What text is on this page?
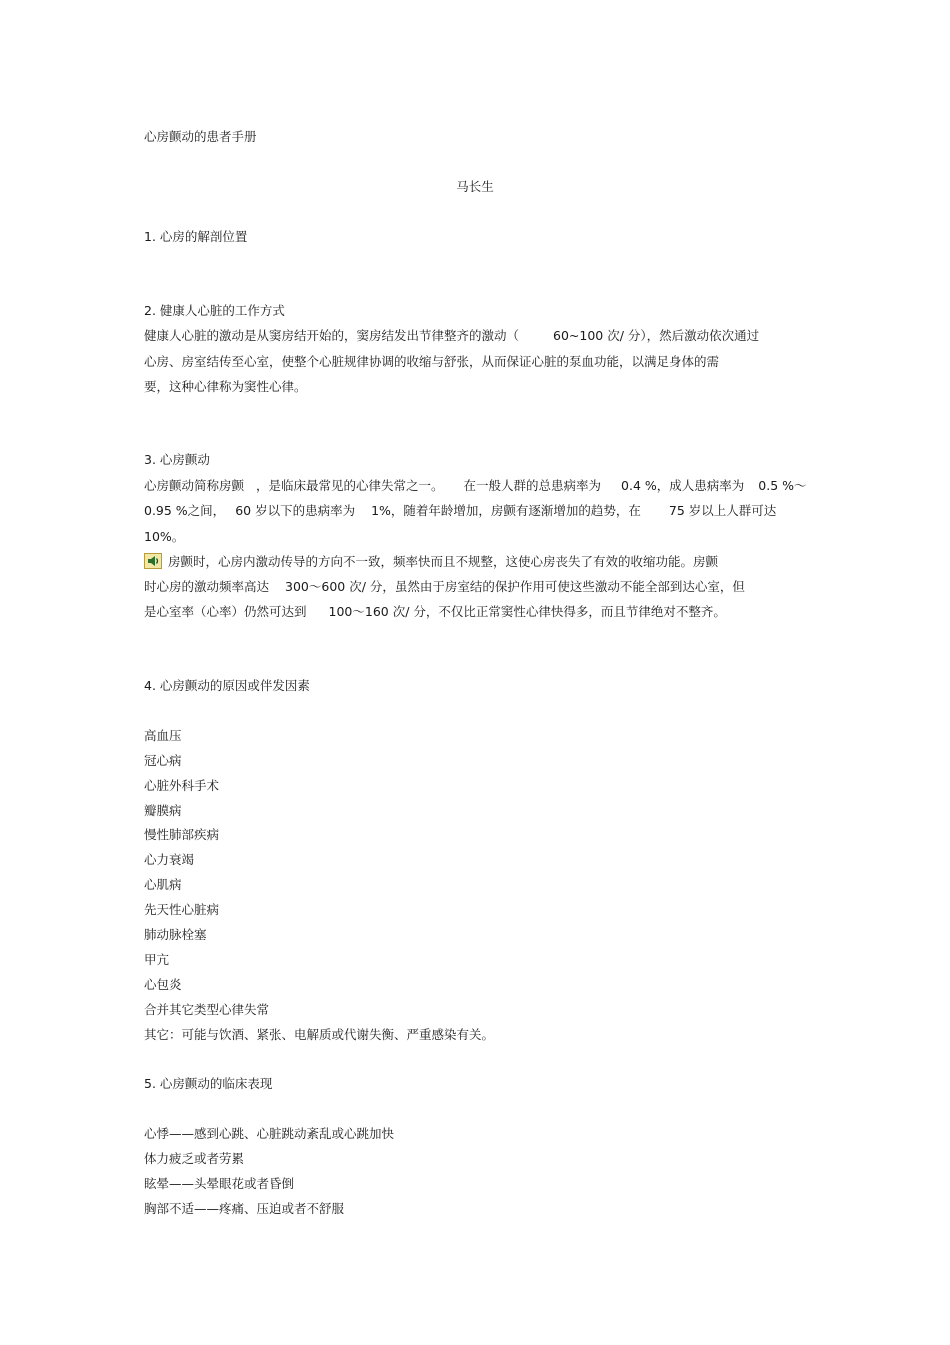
心房颤动的患者手册
马长生
1. 心房的解剖位置
2. 健康人心脏的工作方式
健康人心脏的激动是从窦房结开始的，窦房结发出节律整齐的激动（	60~100 次/ 分），然后激动依次通过
心房、房室结传至心室，使整个心脏规律协调的收缩与舒张，从而保证心脏的泵血功能，以满足身体的需
要，这种心律称为窦性心律。
3. 心房颤动
心房颤动简称房颤 ，是临床最常见的心律失常之一。 在一般人群的总患病率为 0.4 %，成人患病率为 0.5 %～
0.95 %之间， 60 岁以下的患病率为 1%，随着年龄增加，房颤有逐渐增加的趋势，在 75 岁以上人群可达
10%。
房颤时，心房内激动传导的方向不一致，频率快而且不规整，这使心房丧失了有效的收缩功能。房颤
时心房的激动频率高达 300～600 次/ 分，虽然由于房室结的保护作用可使这些激动不能全部到达心室，但
是心室率（心率）仍然可达到 100～160 次/ 分，不仅比正常窦性心律快得多，而且节律绝对不整齐。
4. 心房颤动的原因或伴发因素
高血压
冠心病
心脏外科手术
瓣膜病
慢性肺部疾病
心力衰竭
心肌病
先天性心脏病
肺动脉栓塞
甲亢
心包炎
合并其它类型心律失常
其它：可能与饮酒、紧张、电解质或代谢失衡、严重感染有关。
5. 心房颤动的临床表现
心悸——感到心跳、心脏跳动紊乱或心跳加快
体力疲乏或者劳累
眩晕——头晕眼花或者昏倒
胸部不适——疼痛、压迫或者不舒服
